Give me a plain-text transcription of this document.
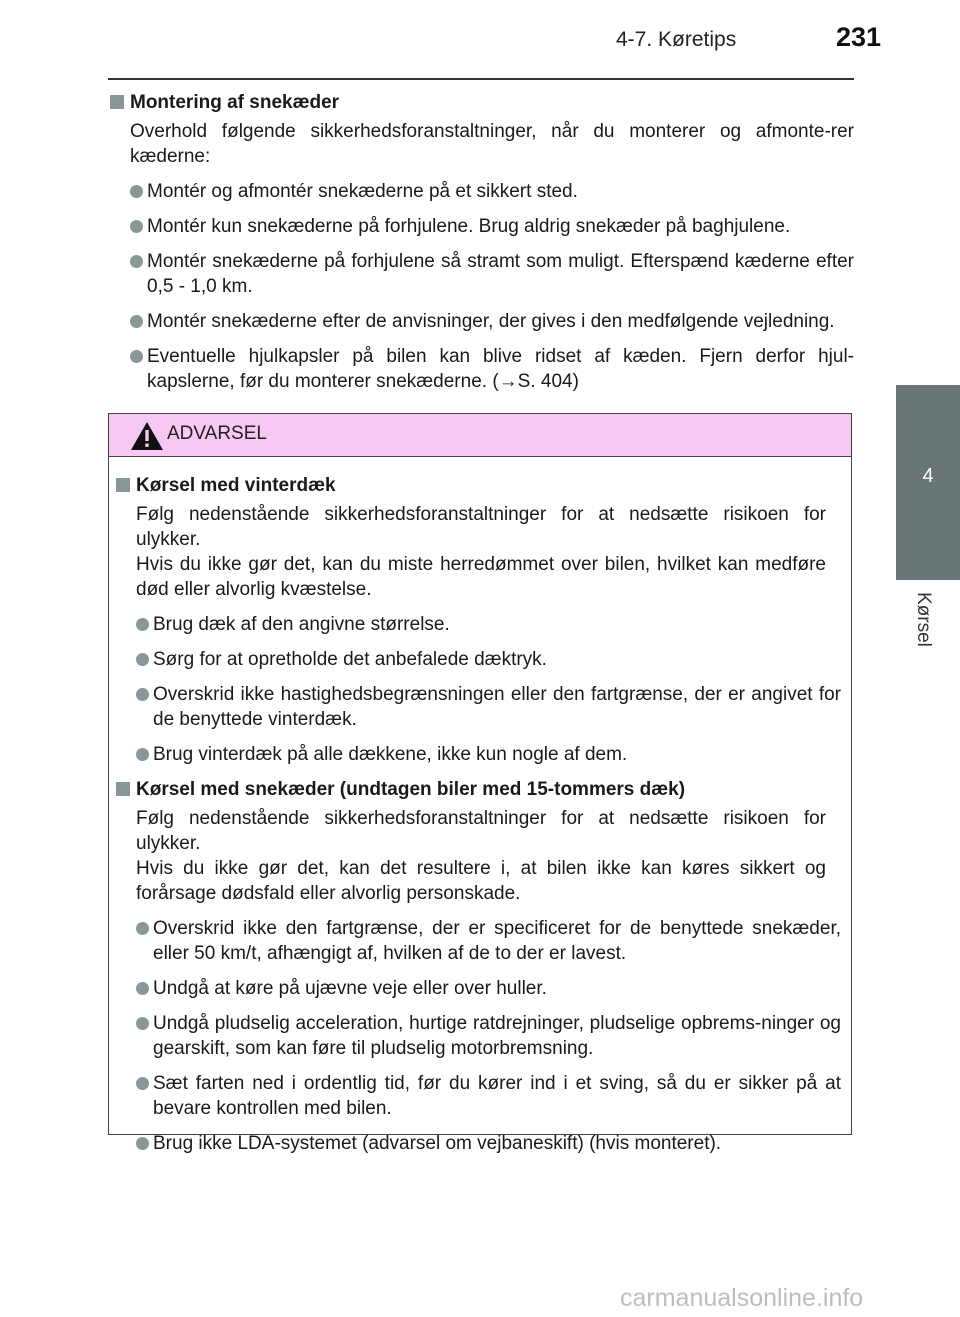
4-7. Køretips	231
4
Kørsel
Montering af snekæder

Overhold følgende sikkerhedsforanstaltninger, når du monterer og afmonte-rer kæderne:

Montér og afmontér snekæderne på et sikkert sted.
Montér kun snekæderne på forhjulene. Brug aldrig snekæder på baghjulene.
Montér snekæderne på forhjulene så stramt som muligt. Efterspænd kæderne efter 0,5 - 1,0 km.
Montér snekæderne efter de anvisninger, der gives i den medfølgende vejledning.
Eventuelle hjulkapsler på bilen kan blive ridset af kæden. Fjern derfor hjul-kapslerne, før du monterer snekæderne. (→S. 404)
ADVARSEL
Kørsel med vinterdæk

Følg nedenstående sikkerhedsforanstaltninger for at nedsætte risikoen for ulykker.

Hvis du ikke gør det, kan du miste herredømmet over bilen, hvilket kan medføre død eller alvorlig kvæstelse.

Brug dæk af den angivne størrelse.
Sørg for at opretholde det anbefalede dæktryk.
Overskrid ikke hastighedsbegrænsningen eller den fartgrænse, der er angivet for de benyttede vinterdæk.
Brug vinterdæk på alle dækkene, ikke kun nogle af dem.
Kørsel med snekæder (undtagen biler med 15-tommers dæk)

Følg nedenstående sikkerhedsforanstaltninger for at nedsætte risikoen for ulykker.

Hvis du ikke gør det, kan det resultere i, at bilen ikke kan køres sikkert og forårsage dødsfald eller alvorlig personskade.

Overskrid ikke den fartgrænse, der er specificeret for de benyttede snekæder, eller 50 km/t, afhængigt af, hvilken af de to der er lavest.
Undgå at køre på ujævne veje eller over huller.
Undgå pludselig acceleration, hurtige ratdrejninger, pludselige opbrems-ninger og gearskift, som kan føre til pludselig motorbremsning.
Sæt farten ned i ordentlig tid, før du kører ind i et sving, så du er sikker på at bevare kontrollen med bilen.
Brug ikke LDA-systemet (advarsel om vejbaneskift) (hvis monteret).
carmanualsonline.info
